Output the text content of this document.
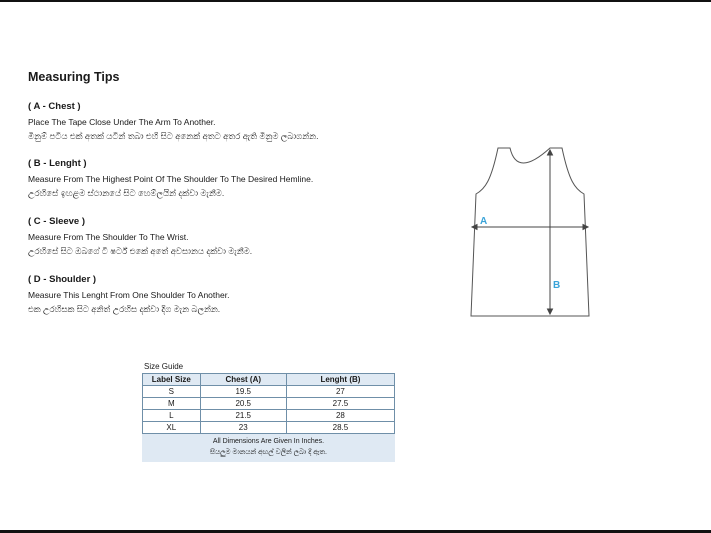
Measuring Tips
( A - Chest )
Place The Tape Close Under The Arm To Another.
මිනුම් පටිය එක් අතක් යටින් තබා එහි සිට අනෙක් අතට අතර ඇති මිනුම ලබාගන්න.
( B - Lenght )
Measure From The Highest Point Of The Shoulder To The Desired Hemline.
උරහිසේ ඉහළම ස්ථානයේ සිට හෙම්ලයින් දක්වා මැනීම.
( C - Sleeve )
Measure From The Shoulder To The Wrist.
උරහිසේ සිට ඔබගේ ටී ෂර්ට් එකේ අතේ අවසානය දක්වා මැනීම.
( D - Shoulder )
Measure This Lenght From One Shoulder To Another.
එක උරහිසක සිට අනිත් උරහිස දක්වා දිග මැන බලන්න.
A
B
Size Guide
Label Size	Chest (A)	Lenght (B)
S	19.5	27
M	20.5	27.5
L	21.5	28
XL	23	28.5
All Dimensions Are Given In Inches.
සියලුම මානයන් අඟල් වලින් ලබා දී ඇත.
